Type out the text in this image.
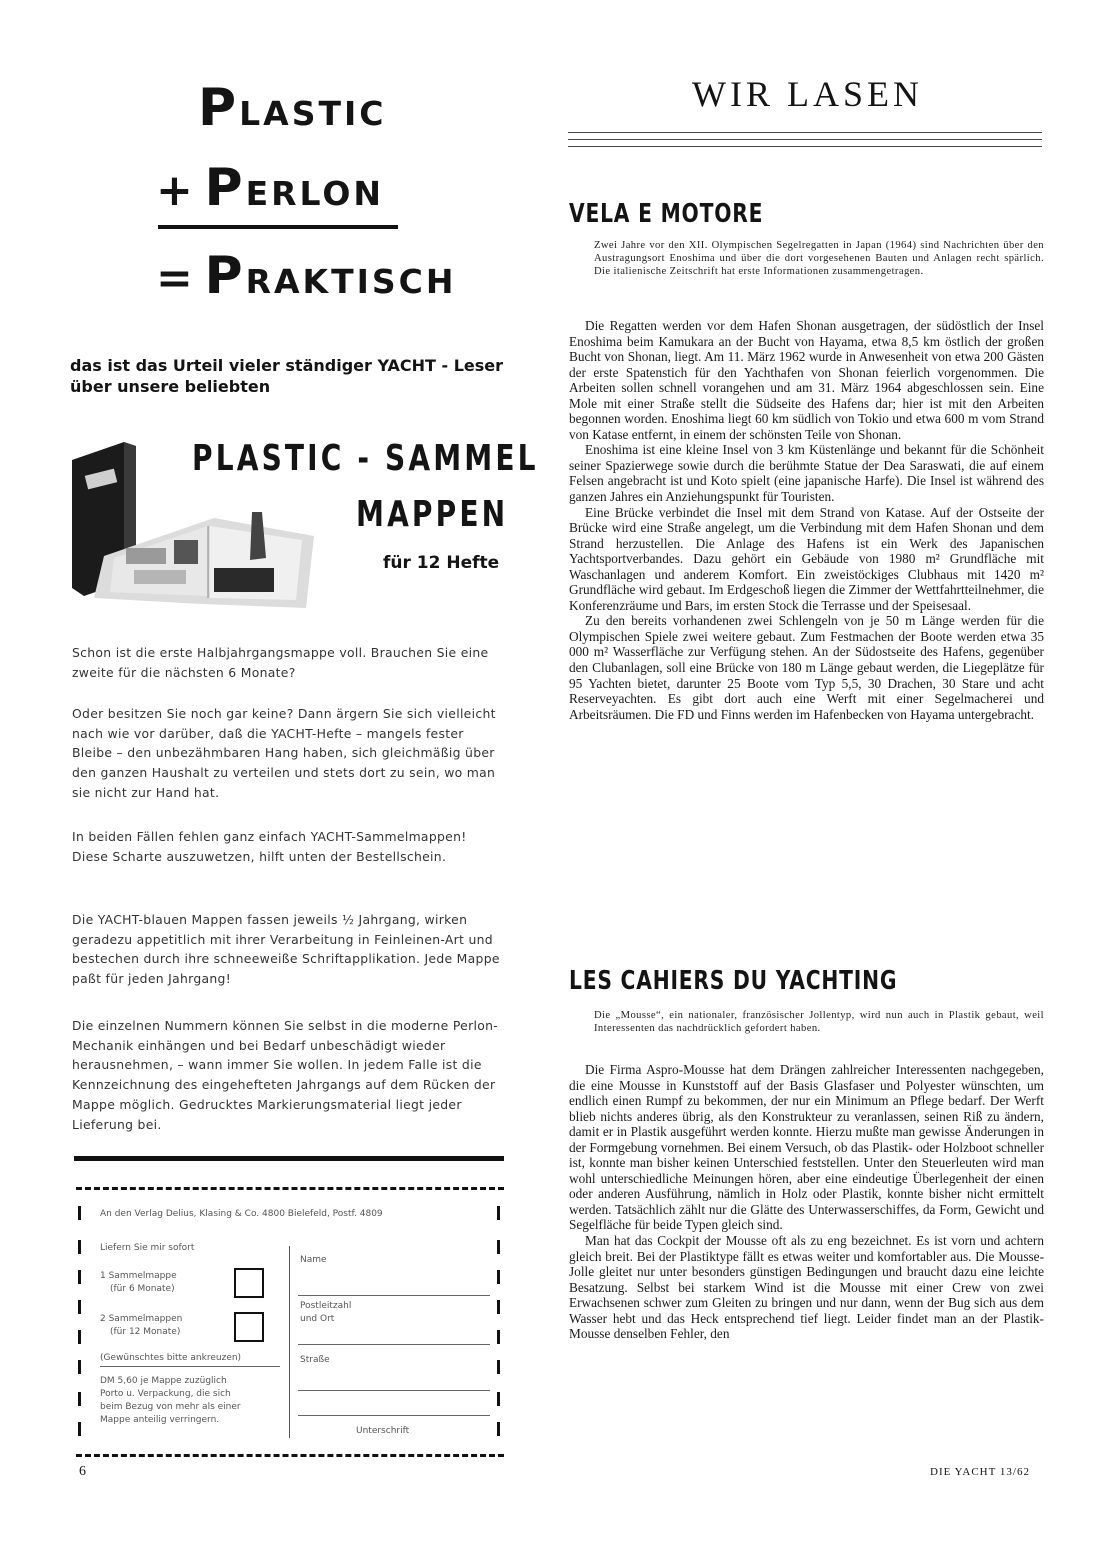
PLASTIC
+ PERLON
= PRAKTISCH
das ist das Urteil vieler ständiger YACHT - Leser
über unsere beliebten
PLASTIC - SAMMEL
MAPPEN
für 12 Hefte

Schon ist die erste Halbjahrgangsmappe voll. Brauchen Sie eine zweite für die nächsten 6 Monate?

Oder besitzen Sie noch gar keine? Dann ärgern Sie sich vielleicht nach wie vor darüber, daß die YACHT-Hefte – mangels fester Bleibe – den unbezähmbaren Hang haben, sich gleichmäßig über den ganzen Haushalt zu verteilen und stets dort zu sein, wo man sie nicht zur Hand hat.

In beiden Fällen fehlen ganz einfach YACHT-Sammelmappen! Diese Scharte auszuwetzen, hilft unten der Bestellschein.

Die YACHT-blauen Mappen fassen jeweils ½ Jahrgang, wirken geradezu appetitlich mit ihrer Verarbeitung in Feinleinen-Art und bestechen durch ihre schneeweiße Schriftapplikation. Jede Mappe paßt für jeden Jahrgang!

Die einzelnen Nummern können Sie selbst in die moderne Perlon-Mechanik einhängen und bei Bedarf unbeschädigt wieder herausnehmen, – wann immer Sie wollen. In jedem Falle ist die Kennzeichnung des eingehefteten Jahrgangs auf dem Rücken der Mappe möglich. Gedrucktes Markierungsmaterial liegt jeder Lieferung bei.

An den Verlag Delius, Klasing & Co. 4800 Bielefeld, Postf. 4809
Liefern Sie mir sofort
1 Sammelmappe
(für 6 Monate)
2 Sammelmappen
(für 12 Monate)
(Gewünschtes bitte ankreuzen)
DM 5,60 je Mappe zuzüglich
Porto u. Verpackung, die sich
beim Bezug von mehr als einer
Mappe anteilig verringern.
Name
Postleitzahl
und Ort
Straße
Unterschrift
6
WIR LASEN
VELA E MOTORE
Zwei Jahre vor den XII. Olympischen Segelregatten in Japan (1964) sind Nachrichten über den Austragungsort Enoshima und über die dort vorgesehenen Bauten und Anlagen recht spärlich. Die italienische Zeitschrift hat erste Informationen zusammengetragen.

Die Regatten werden vor dem Hafen Shonan ausgetragen, der südöstlich der Insel Enoshima beim Kamukara an der Bucht von Hayama, etwa 8,5 km östlich der großen Bucht von Shonan, liegt. Am 11. März 1962 wurde in Anwesenheit von etwa 200 Gästen der erste Spatenstich für den Yachthafen von Shonan feierlich vorgenommen. Die Arbeiten sollen schnell vorangehen und am 31. März 1964 abgeschlossen sein. Eine Mole mit einer Straße stellt die Südseite des Hafens dar; hier ist mit den Arbeiten begonnen worden. Enoshima liegt 60 km südlich von Tokio und etwa 600 m vom Strand von Katase entfernt, in einem der schönsten Teile von Shonan.

Enoshima ist eine kleine Insel von 3 km Küstenlänge und bekannt für die Schönheit seiner Spazierwege sowie durch die berühmte Statue der Dea Saraswati, die auf einem Felsen angebracht ist und Koto spielt (eine japanische Harfe). Die Insel ist während des ganzen Jahres ein Anziehungspunkt für Touristen.

Eine Brücke verbindet die Insel mit dem Strand von Katase. Auf der Ostseite der Brücke wird eine Straße angelegt, um die Verbindung mit dem Hafen Shonan und dem Strand herzustellen. Die Anlage des Hafens ist ein Werk des Japanischen Yachtsportverbandes. Dazu gehört ein Gebäude von 1980 m² Grundfläche mit Waschanlagen und anderem Komfort. Ein zweistöckiges Clubhaus mit 1420 m² Grundfläche wird gebaut. Im Erdgeschoß liegen die Zimmer der Wettfahrtteilnehmer, die Konferenzräume und Bars, im ersten Stock die Terrasse und der Speisesaal.

Zu den bereits vorhandenen zwei Schlengeln von je 50 m Länge werden für die Olympischen Spiele zwei weitere gebaut. Zum Festmachen der Boote werden etwa 35 000 m² Wasserfläche zur Verfügung stehen. An der Südostseite des Hafens, gegenüber den Clubanlagen, soll eine Brücke von 180 m Länge gebaut werden, die Liegeplätze für 95 Yachten bietet, darunter 25 Boote vom Typ 5,5, 30 Drachen, 30 Stare und acht Reserveyachten. Es gibt dort auch eine Werft mit einer Segelmacherei und Arbeitsräumen. Die FD und Finns werden im Hafenbecken von Hayama untergebracht.

LES CAHIERS DU YACHTING
Die „Mousse“, ein nationaler, französischer Jollentyp, wird nun auch in Plastik gebaut, weil Interessenten das nachdrücklich gefordert haben.

Die Firma Aspro-Mousse hat dem Drängen zahlreicher Interessenten nachgegeben, die eine Mousse in Kunststoff auf der Basis Glasfaser und Polyester wünschten, um endlich einen Rumpf zu bekommen, der nur ein Minimum an Pflege bedarf. Der Werft blieb nichts anderes übrig, als den Konstrukteur zu veranlassen, seinen Riß zu ändern, damit er in Plastik ausgeführt werden konnte. Hierzu mußte man gewisse Änderungen in der Formgebung vornehmen. Bei einem Versuch, ob das Plastik- oder Holzboot schneller ist, konnte man bisher keinen Unterschied feststellen. Unter den Steuerleuten wird man wohl unterschiedliche Meinungen hören, aber eine eindeutige Überlegenheit der einen oder anderen Ausführung, nämlich in Holz oder Plastik, konnte bisher nicht ermittelt werden. Tatsächlich zählt nur die Glätte des Unterwasserschiffes, da Form, Gewicht und Segelfläche für beide Typen gleich sind.

Man hat das Cockpit der Mousse oft als zu eng bezeichnet. Es ist vorn und achtern gleich breit. Bei der Plastiktype fällt es etwas weiter und komfortabler aus. Die Mousse-Jolle gleitet nur unter besonders günstigen Bedingungen und braucht dazu eine leichte Besatzung. Selbst bei starkem Wind ist die Mousse mit einer Crew von zwei Erwachsenen schwer zum Gleiten zu bringen und nur dann, wenn der Bug sich aus dem Wasser hebt und das Heck entsprechend tief liegt. Leider findet man an der Plastik-Mousse denselben Fehler, den

DIE YACHT 13/62
